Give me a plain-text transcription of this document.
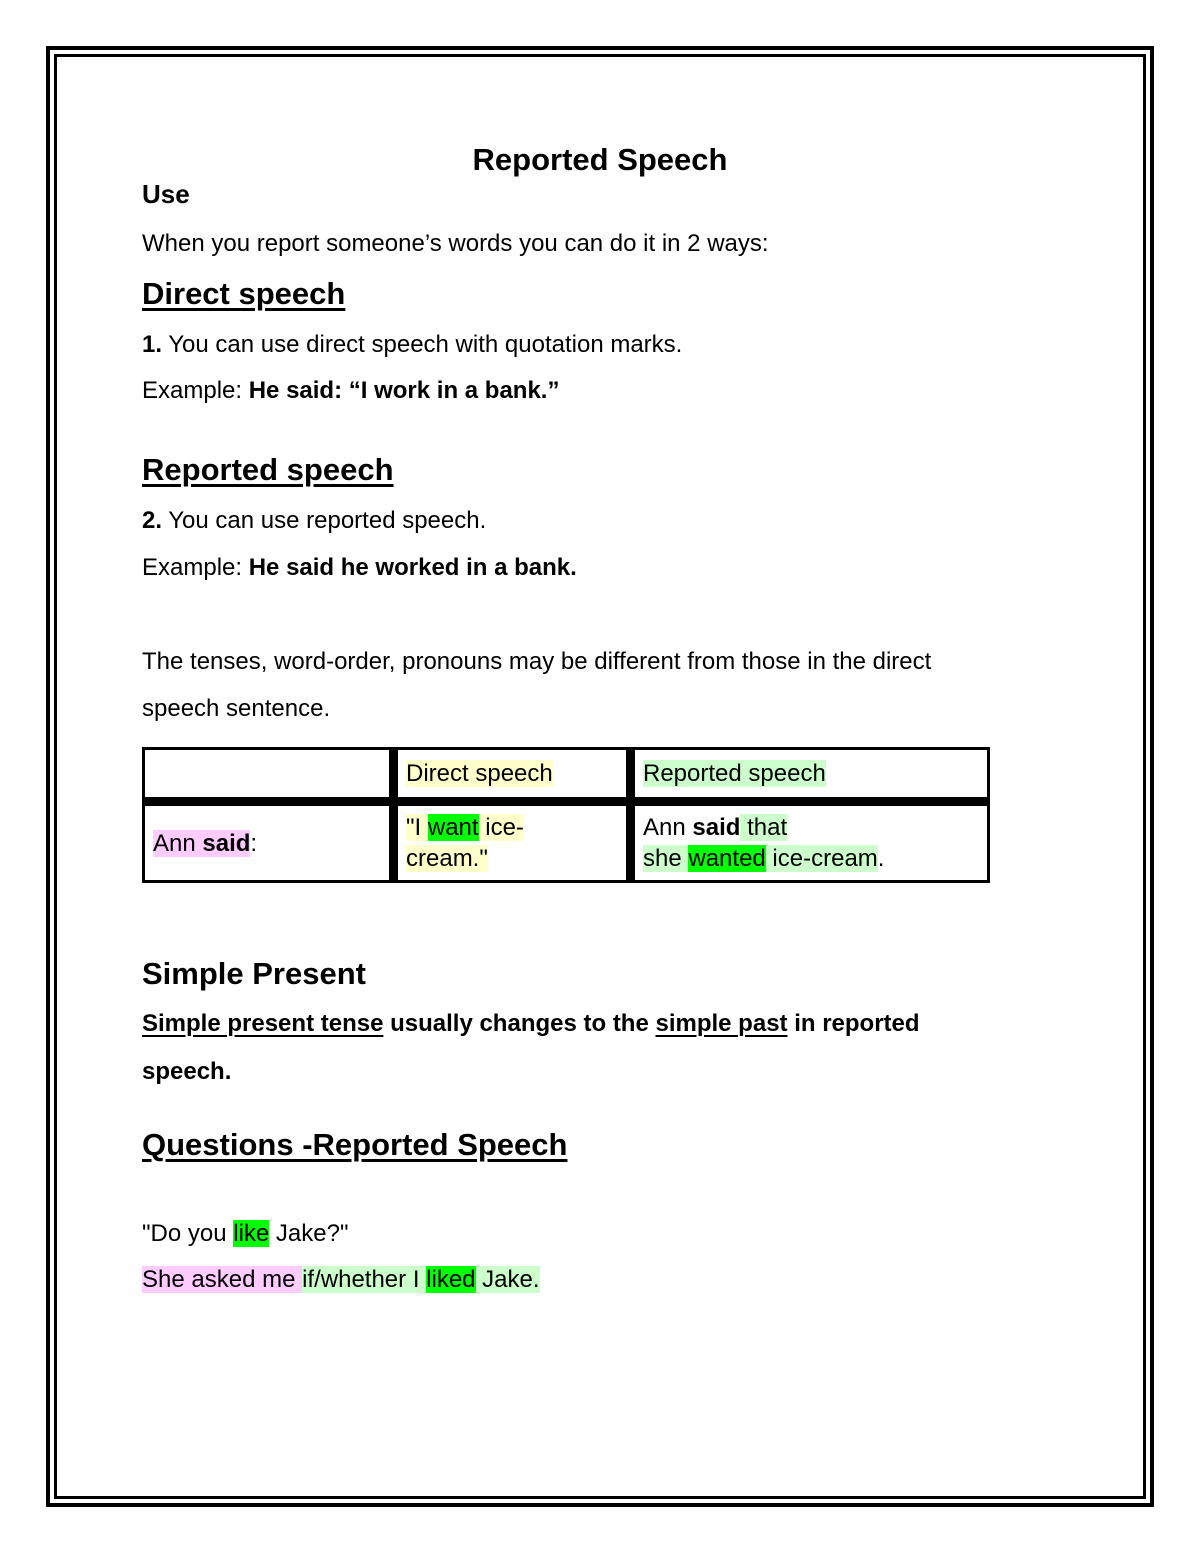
Reported Speech
Use
When you report someone’s words you can do it in 2 ways:
Direct speech
1. You can use direct speech with quotation marks.
Example: He said: “I work in a bank.”
Reported speech
2. You can use reported speech.
Example: He said he worked in a bank.
The tenses, word-order, pronouns may be different from those in the direct
speech sentence.
	Direct speech	Reported speech
Ann said:	"I want ice-
cream."	Ann said that
she wanted ice-cream.
Simple Present
Simple present tense usually changes to the simple past in reported
speech.
Questions -Reported Speech
"Do you like Jake?"
She asked me if/whether I liked Jake.
